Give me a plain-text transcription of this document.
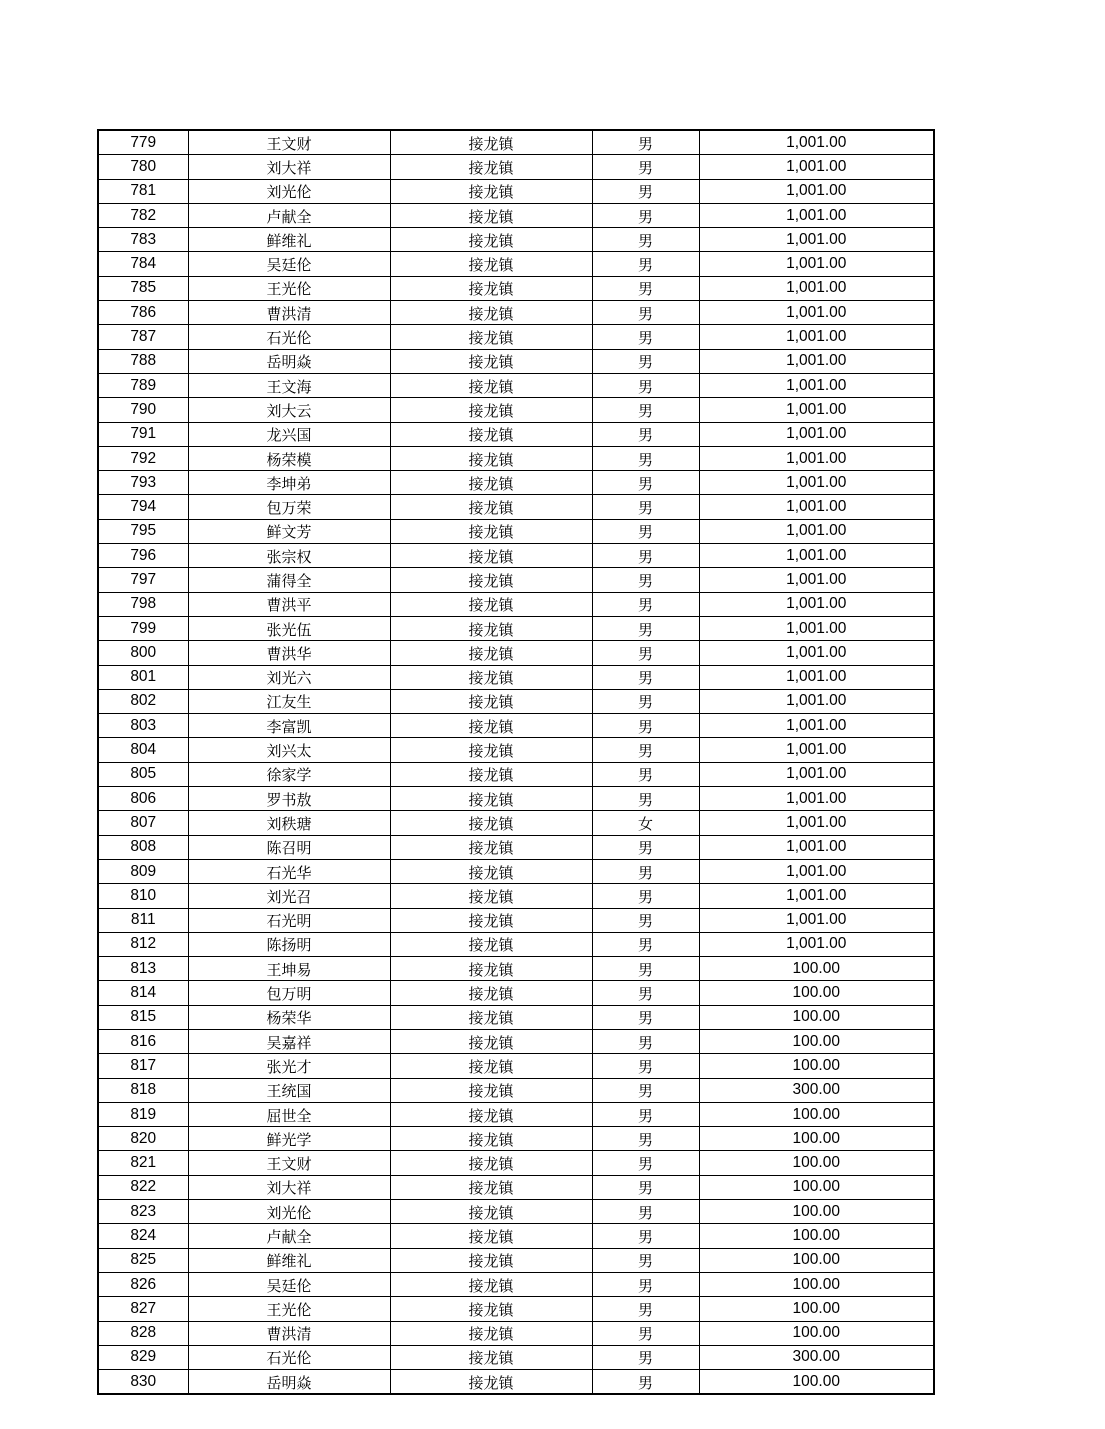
779	王文财	接龙镇	男	1,001.00
780	刘大祥	接龙镇	男	1,001.00
781	刘光伦	接龙镇	男	1,001.00
782	卢献全	接龙镇	男	1,001.00
783	鲜维礼	接龙镇	男	1,001.00
784	吴廷伦	接龙镇	男	1,001.00
785	王光伦	接龙镇	男	1,001.00
786	曹洪清	接龙镇	男	1,001.00
787	石光伦	接龙镇	男	1,001.00
788	岳明焱	接龙镇	男	1,001.00
789	王文海	接龙镇	男	1,001.00
790	刘大云	接龙镇	男	1,001.00
791	龙兴国	接龙镇	男	1,001.00
792	杨荣模	接龙镇	男	1,001.00
793	李坤弟	接龙镇	男	1,001.00
794	包万荣	接龙镇	男	1,001.00
795	鲜文芳	接龙镇	男	1,001.00
796	张宗权	接龙镇	男	1,001.00
797	蒲得全	接龙镇	男	1,001.00
798	曹洪平	接龙镇	男	1,001.00
799	张光伍	接龙镇	男	1,001.00
800	曹洪华	接龙镇	男	1,001.00
801	刘光六	接龙镇	男	1,001.00
802	江友生	接龙镇	男	1,001.00
803	李富凯	接龙镇	男	1,001.00
804	刘兴太	接龙镇	男	1,001.00
805	徐家学	接龙镇	男	1,001.00
806	罗书敖	接龙镇	男	1,001.00
807	刘秩瑭	接龙镇	女	1,001.00
808	陈召明	接龙镇	男	1,001.00
809	石光华	接龙镇	男	1,001.00
810	刘光召	接龙镇	男	1,001.00
811	石光明	接龙镇	男	1,001.00
812	陈扬明	接龙镇	男	1,001.00
813	王坤易	接龙镇	男	100.00
814	包万明	接龙镇	男	100.00
815	杨荣华	接龙镇	男	100.00
816	吴嘉祥	接龙镇	男	100.00
817	张光才	接龙镇	男	100.00
818	王统国	接龙镇	男	300.00
819	屈世全	接龙镇	男	100.00
820	鲜光学	接龙镇	男	100.00
821	王文财	接龙镇	男	100.00
822	刘大祥	接龙镇	男	100.00
823	刘光伦	接龙镇	男	100.00
824	卢献全	接龙镇	男	100.00
825	鲜维礼	接龙镇	男	100.00
826	吴廷伦	接龙镇	男	100.00
827	王光伦	接龙镇	男	100.00
828	曹洪清	接龙镇	男	100.00
829	石光伦	接龙镇	男	300.00
830	岳明焱	接龙镇	男	100.00
